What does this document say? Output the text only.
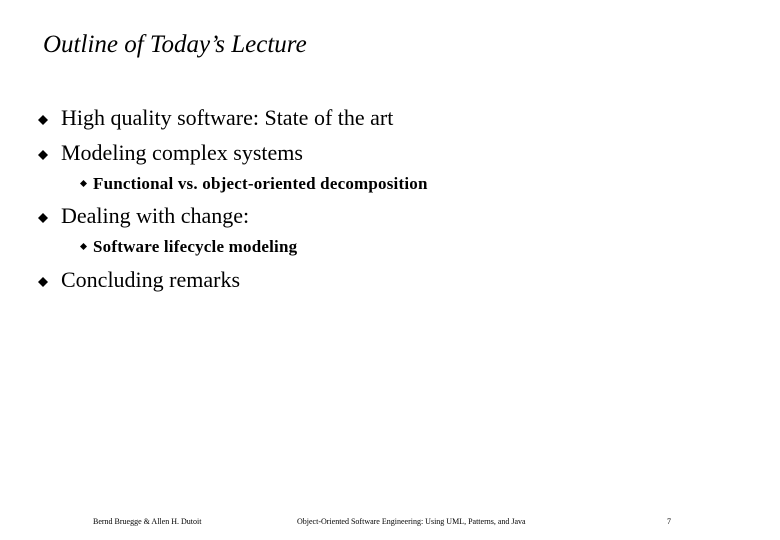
Outline of Today’s Lecture
High quality software: State of the art
Modeling complex systems
Functional vs. object-oriented decomposition
Dealing with change:
Software lifecycle modeling
Concluding remarks
Bernd Bruegge & Allen H. Dutoit	Object-Oriented Software Engineering: Using UML, Patterns, and Java	7
